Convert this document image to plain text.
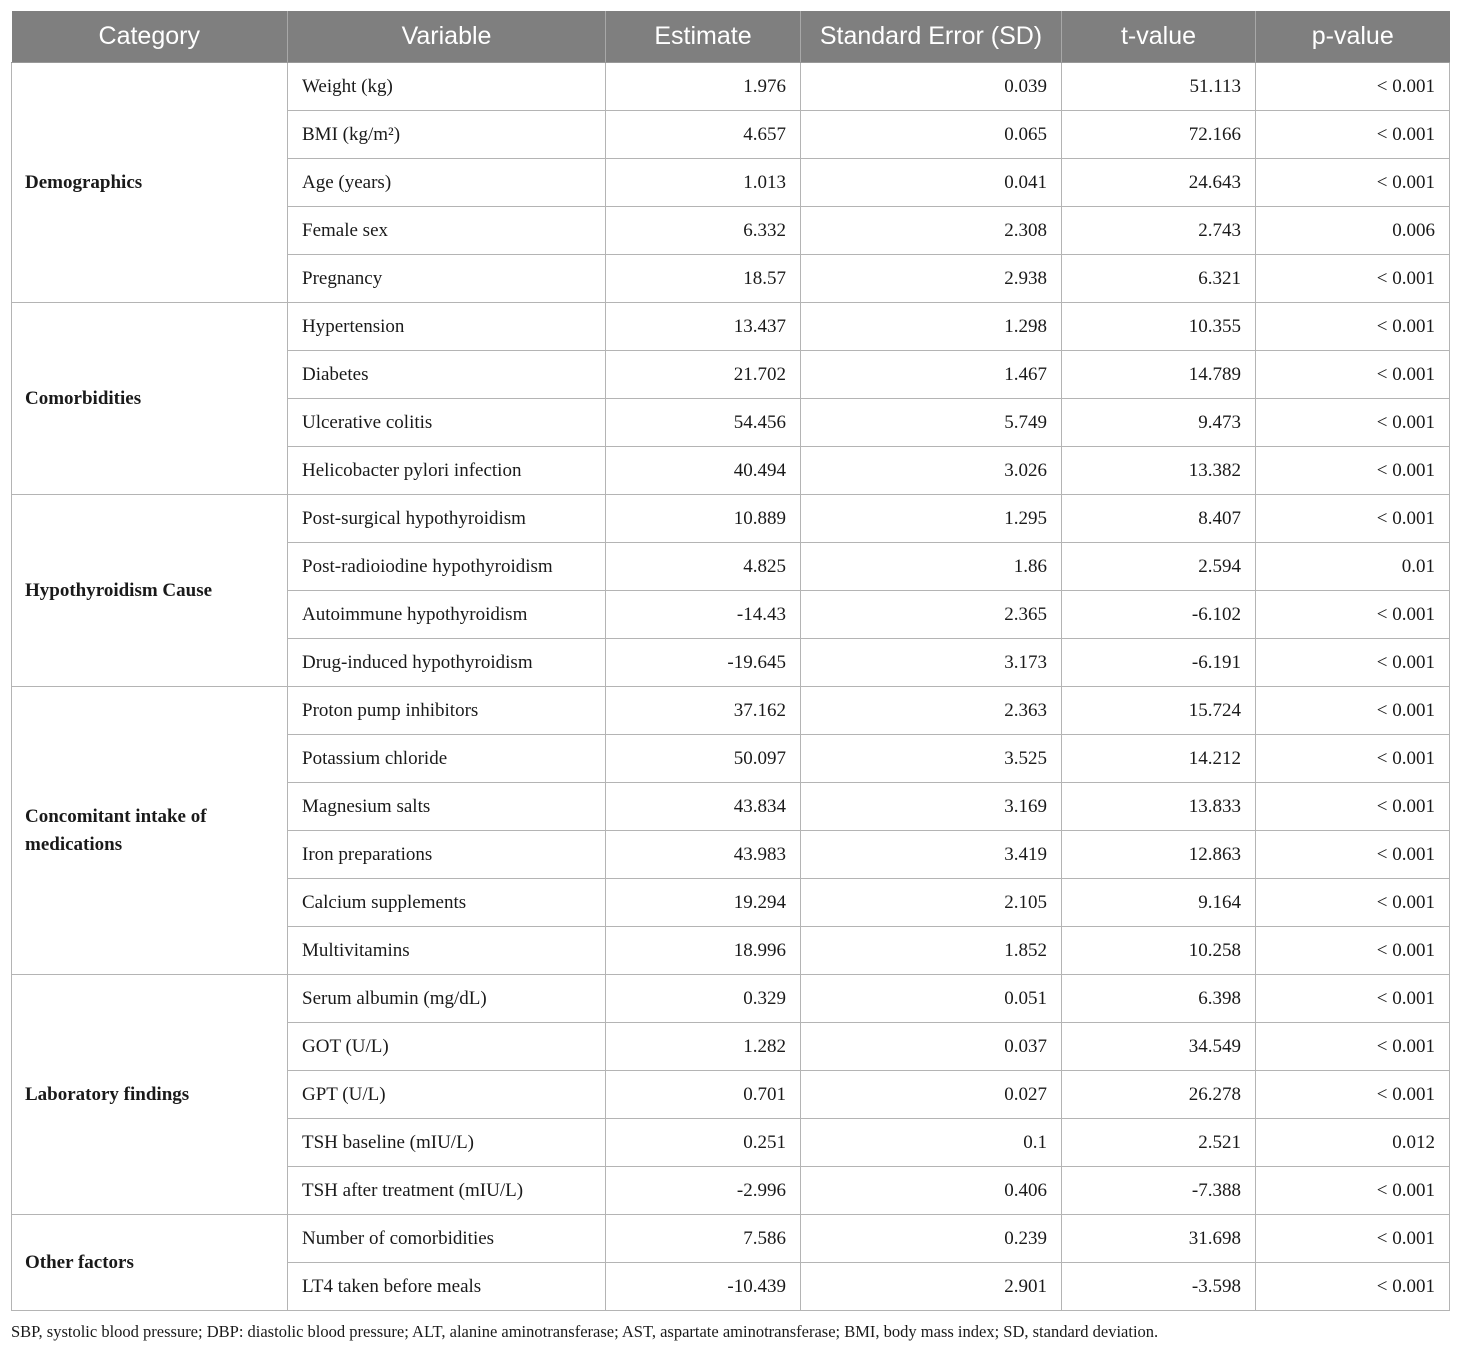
Category	Variable	Estimate	Standard Error (SD)	t-value	p-value
Demographics	Weight (kg)	1.976	0.039	51.113	< 0.001
	BMI (kg/m²)	4.657	0.065	72.166	< 0.001
	Age (years)	1.013	0.041	24.643	< 0.001
	Female sex	6.332	2.308	2.743	0.006
	Pregnancy	18.57	2.938	6.321	< 0.001
Comorbidities	Hypertension	13.437	1.298	10.355	< 0.001
	Diabetes	21.702	1.467	14.789	< 0.001
	Ulcerative colitis	54.456	5.749	9.473	< 0.001
	Helicobacter pylori infection	40.494	3.026	13.382	< 0.001
Hypothyroidism Cause	Post-surgical hypothyroidism	10.889	1.295	8.407	< 0.001
	Post-radioiodine hypothyroidism	4.825	1.86	2.594	0.01
	Autoimmune hypothyroidism	-14.43	2.365	-6.102	< 0.001
	Drug-induced hypothyroidism	-19.645	3.173	-6.191	< 0.001
Concomitant intake of medications	Proton pump inhibitors	37.162	2.363	15.724	< 0.001
	Potassium chloride	50.097	3.525	14.212	< 0.001
	Magnesium salts	43.834	3.169	13.833	< 0.001
	Iron preparations	43.983	3.419	12.863	< 0.001
	Calcium supplements	19.294	2.105	9.164	< 0.001
	Multivitamins	18.996	1.852	10.258	< 0.001
Laboratory findings	Serum albumin (mg/dL)	0.329	0.051	6.398	< 0.001
	GOT (U/L)	1.282	0.037	34.549	< 0.001
	GPT (U/L)	0.701	0.027	26.278	< 0.001
	TSH baseline (mIU/L)	0.251	0.1	2.521	0.012
	TSH after treatment (mIU/L)	-2.996	0.406	-7.388	< 0.001
Other factors	Number of comorbidities	7.586	0.239	31.698	< 0.001
	LT4 taken before meals	-10.439	2.901	-3.598	< 0.001
SBP, systolic blood pressure; DBP: diastolic blood pressure; ALT, alanine aminotransferase; AST, aspartate aminotransferase; BMI, body mass index; SD, standard deviation.
